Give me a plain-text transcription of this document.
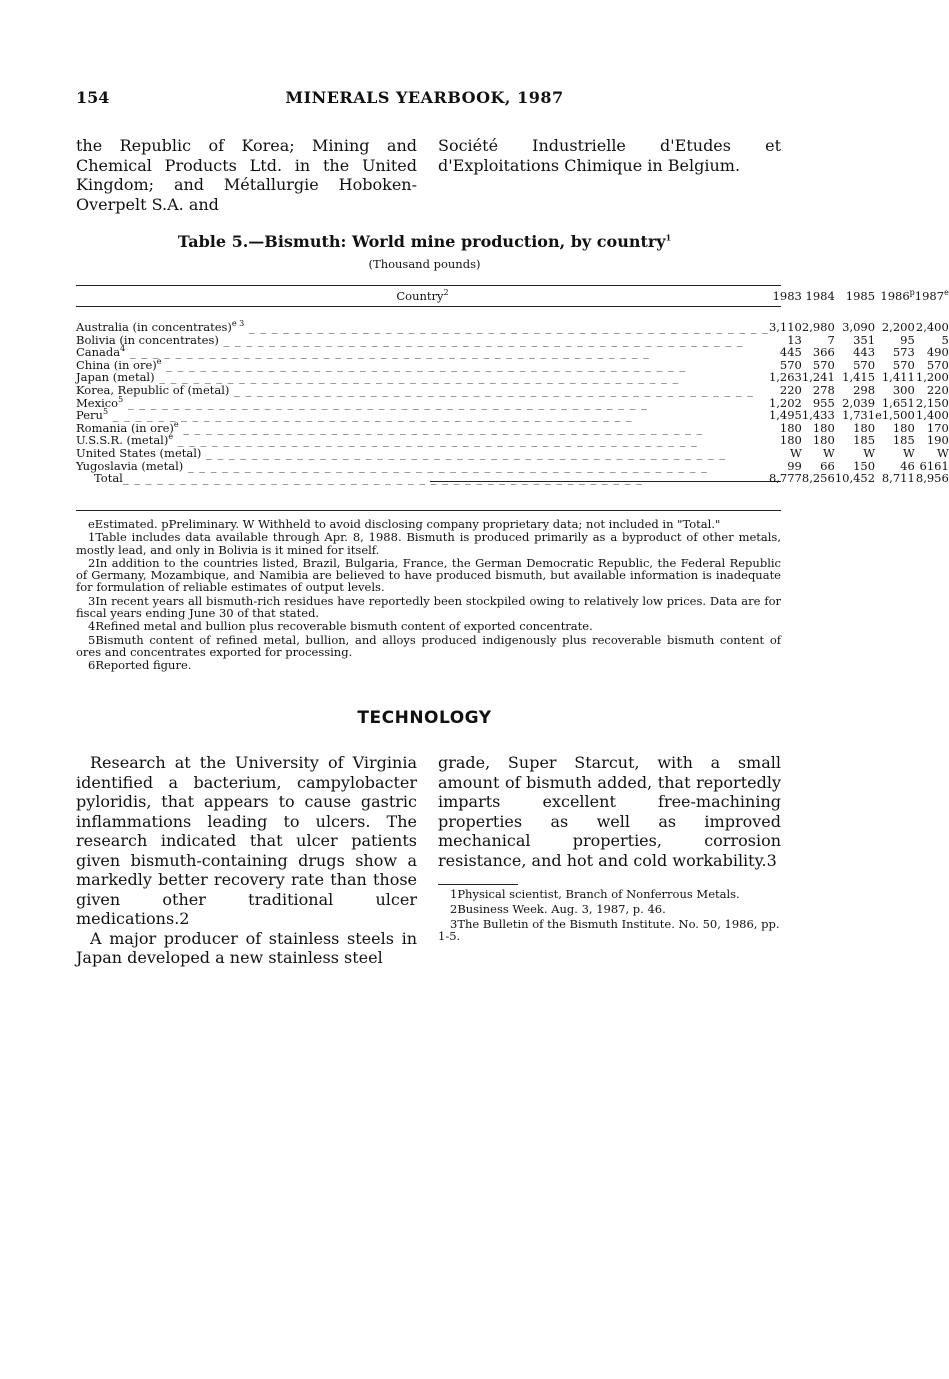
154	MINERALS YEARBOOK, 1987
the Republic of Korea; Mining and Chemical Products Ltd. in the United Kingdom; and Métallurgie Hoboken-Overpelt S.A. and
Société Industrielle d'Etudes et d'Exploitations Chimique in Belgium.
Table 5.—Bismuth: World mine production, by country$^1$
(Thousand pounds)
Country$^2$	1983	1984	1985	1986$^p$	1987e

Australia (in concentrates)$^{e 3}$ _ _ _ _ _ _ _ _ _ _ _ _ _ _ _ _ _ _ _ _ _ _ _ _ _ _ _ _ _ _ _ _ _ _ _ _ _ _ _ _ _ _ _ _ _ _	3,110	2,980	3,090	2,200	2,400
Bolivia (in concentrates) _ _ _ _ _ _ _ _ _ _ _ _ _ _ _ _ _ _ _ _ _ _ _ _ _ _ _ _ _ _ _ _ _ _ _ _ _ _ _ _ _ _ _ _ _ _	13	7	351	95	5
Canada$^4$ _ _ _ _ _ _ _ _ _ _ _ _ _ _ _ _ _ _ _ _ _ _ _ _ _ _ _ _ _ _ _ _ _ _ _ _ _ _ _ _ _ _ _ _ _ _	445	366	443	573	490
China (in ore)$^e$ _ _ _ _ _ _ _ _ _ _ _ _ _ _ _ _ _ _ _ _ _ _ _ _ _ _ _ _ _ _ _ _ _ _ _ _ _ _ _ _ _ _ _ _ _ _	570	570	570	570	570
Japan (metal) _ _ _ _ _ _ _ _ _ _ _ _ _ _ _ _ _ _ _ _ _ _ _ _ _ _ _ _ _ _ _ _ _ _ _ _ _ _ _ _ _ _ _ _ _ _	1,263	1,241	1,415	1,411	1,200
Korea, Republic of (metal) _ _ _ _ _ _ _ _ _ _ _ _ _ _ _ _ _ _ _ _ _ _ _ _ _ _ _ _ _ _ _ _ _ _ _ _ _ _ _ _ _ _ _ _ _ _	220	278	298	300	220
Mexico$^5$ _ _ _ _ _ _ _ _ _ _ _ _ _ _ _ _ _ _ _ _ _ _ _ _ _ _ _ _ _ _ _ _ _ _ _ _ _ _ _ _ _ _ _ _ _ _	1,202	955	2,039	1,651	2,150
Peru$^5$ _ _ _ _ _ _ _ _ _ _ _ _ _ _ _ _ _ _ _ _ _ _ _ _ _ _ _ _ _ _ _ _ _ _ _ _ _ _ _ _ _ _ _ _ _ _	1,495	1,433	1,731	e1,500	1,400
Romania (in ore)$^e$ _ _ _ _ _ _ _ _ _ _ _ _ _ _ _ _ _ _ _ _ _ _ _ _ _ _ _ _ _ _ _ _ _ _ _ _ _ _ _ _ _ _ _ _ _ _	180	180	180	180	170
U.S.S.R. (metal)$^e$ _ _ _ _ _ _ _ _ _ _ _ _ _ _ _ _ _ _ _ _ _ _ _ _ _ _ _ _ _ _ _ _ _ _ _ _ _ _ _ _ _ _ _ _ _ _	180	180	185	185	190
United States (metal) _ _ _ _ _ _ _ _ _ _ _ _ _ _ _ _ _ _ _ _ _ _ _ _ _ _ _ _ _ _ _ _ _ _ _ _ _ _ _ _ _ _ _ _ _ _	W	W	W	W	W
Yugoslavia (metal) _ _ _ _ _ _ _ _ _ _ _ _ _ _ _ _ _ _ _ _ _ _ _ _ _ _ _ _ _ _ _ _ _ _ _ _ _ _ _ _ _ _ _ _ _ _	99	66	150	46	6161
Total_ _ _ _ _ _ _ _ _ _ _ _ _ _ _ _ _ _ _ _ _ _ _ _ _ _ _ _ _ _ _ _ _ _ _ _ _ _ _ _ _ _ _ _ _ _	8,777	8,256	10,452	8,711	8,956

eEstimated. pPreliminary. W Withheld to avoid disclosing company proprietary data; not included in "Total."

1Table includes data available through Apr. 8, 1988. Bismuth is produced primarily as a byproduct of other metals, mostly lead, and only in Bolivia is it mined for itself.

2In addition to the countries listed, Brazil, Bulgaria, France, the German Democratic Republic, the Federal Republic of Germany, Mozambique, and Namibia are believed to have produced bismuth, but available information is inadequate for formulation of reliable estimates of output levels.

3In recent years all bismuth-rich residues have reportedly been stockpiled owing to relatively low prices. Data are for fiscal years ending June 30 of that stated.

4Refined metal and bullion plus recoverable bismuth content of exported concentrate.

5Bismuth content of refined metal, bullion, and alloys produced indigenously plus recoverable bismuth content of ores and concentrates exported for processing.

6Reported figure.

TECHNOLOGY

Research at the University of Virginia identified a bacterium, campylobacter pyloridis, that appears to cause gastric inflammations leading to ulcers. The research indicated that ulcer patients given bismuth-containing drugs show a markedly better recovery rate than those given other traditional ulcer medications.2

A major producer of stainless steels in Japan developed a new stainless steel

grade, Super Starcut, with a small amount of bismuth added, that reportedly imparts excellent free-machining properties as well as improved mechanical properties, corrosion resistance, and hot and cold workability.3

1Physical scientist, Branch of Nonferrous Metals.

2Business Week. Aug. 3, 1987, p. 46.

3The Bulletin of the Bismuth Institute. No. 50, 1986, pp. 1-5.
